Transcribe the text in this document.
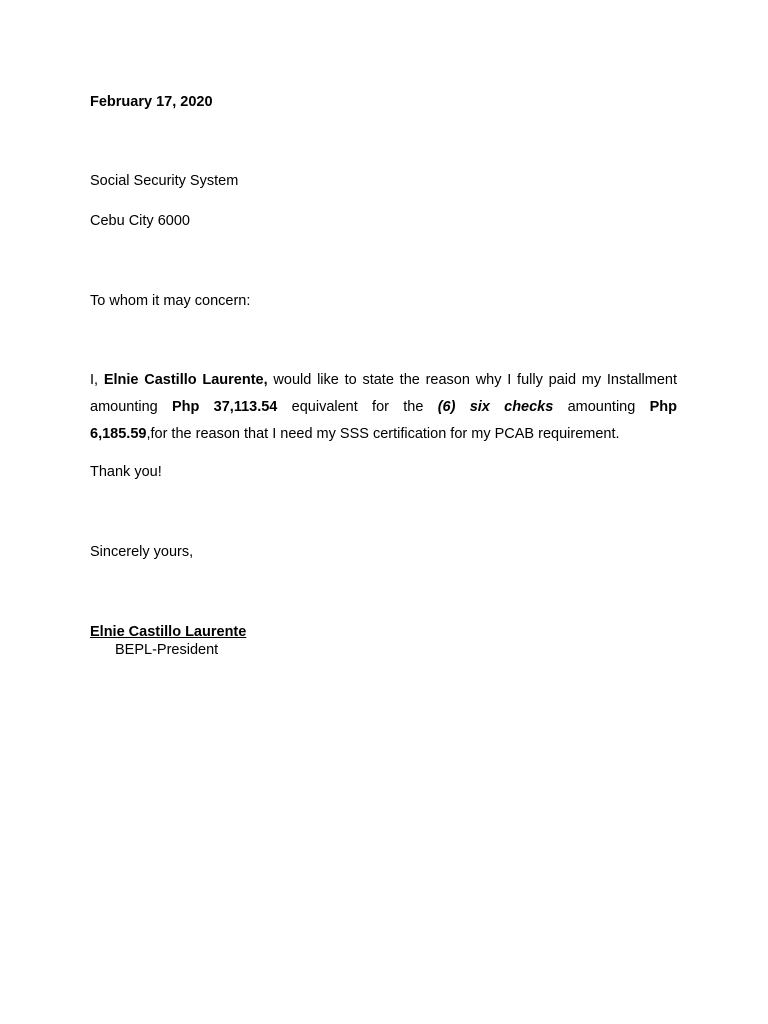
February 17, 2020
Social Security System
Cebu City 6000
To whom it may concern:
I, Elnie Castillo Laurente, would like to state the reason why I fully paid my Installment
amounting Php 37,113.54 equivalent for the (6) six checks amounting Php
6,185.59,for the reason that I need my SSS certification for my PCAB requirement.
Thank you!
Sincerely yours,
Elnie Castillo Laurente
BEPL-President
